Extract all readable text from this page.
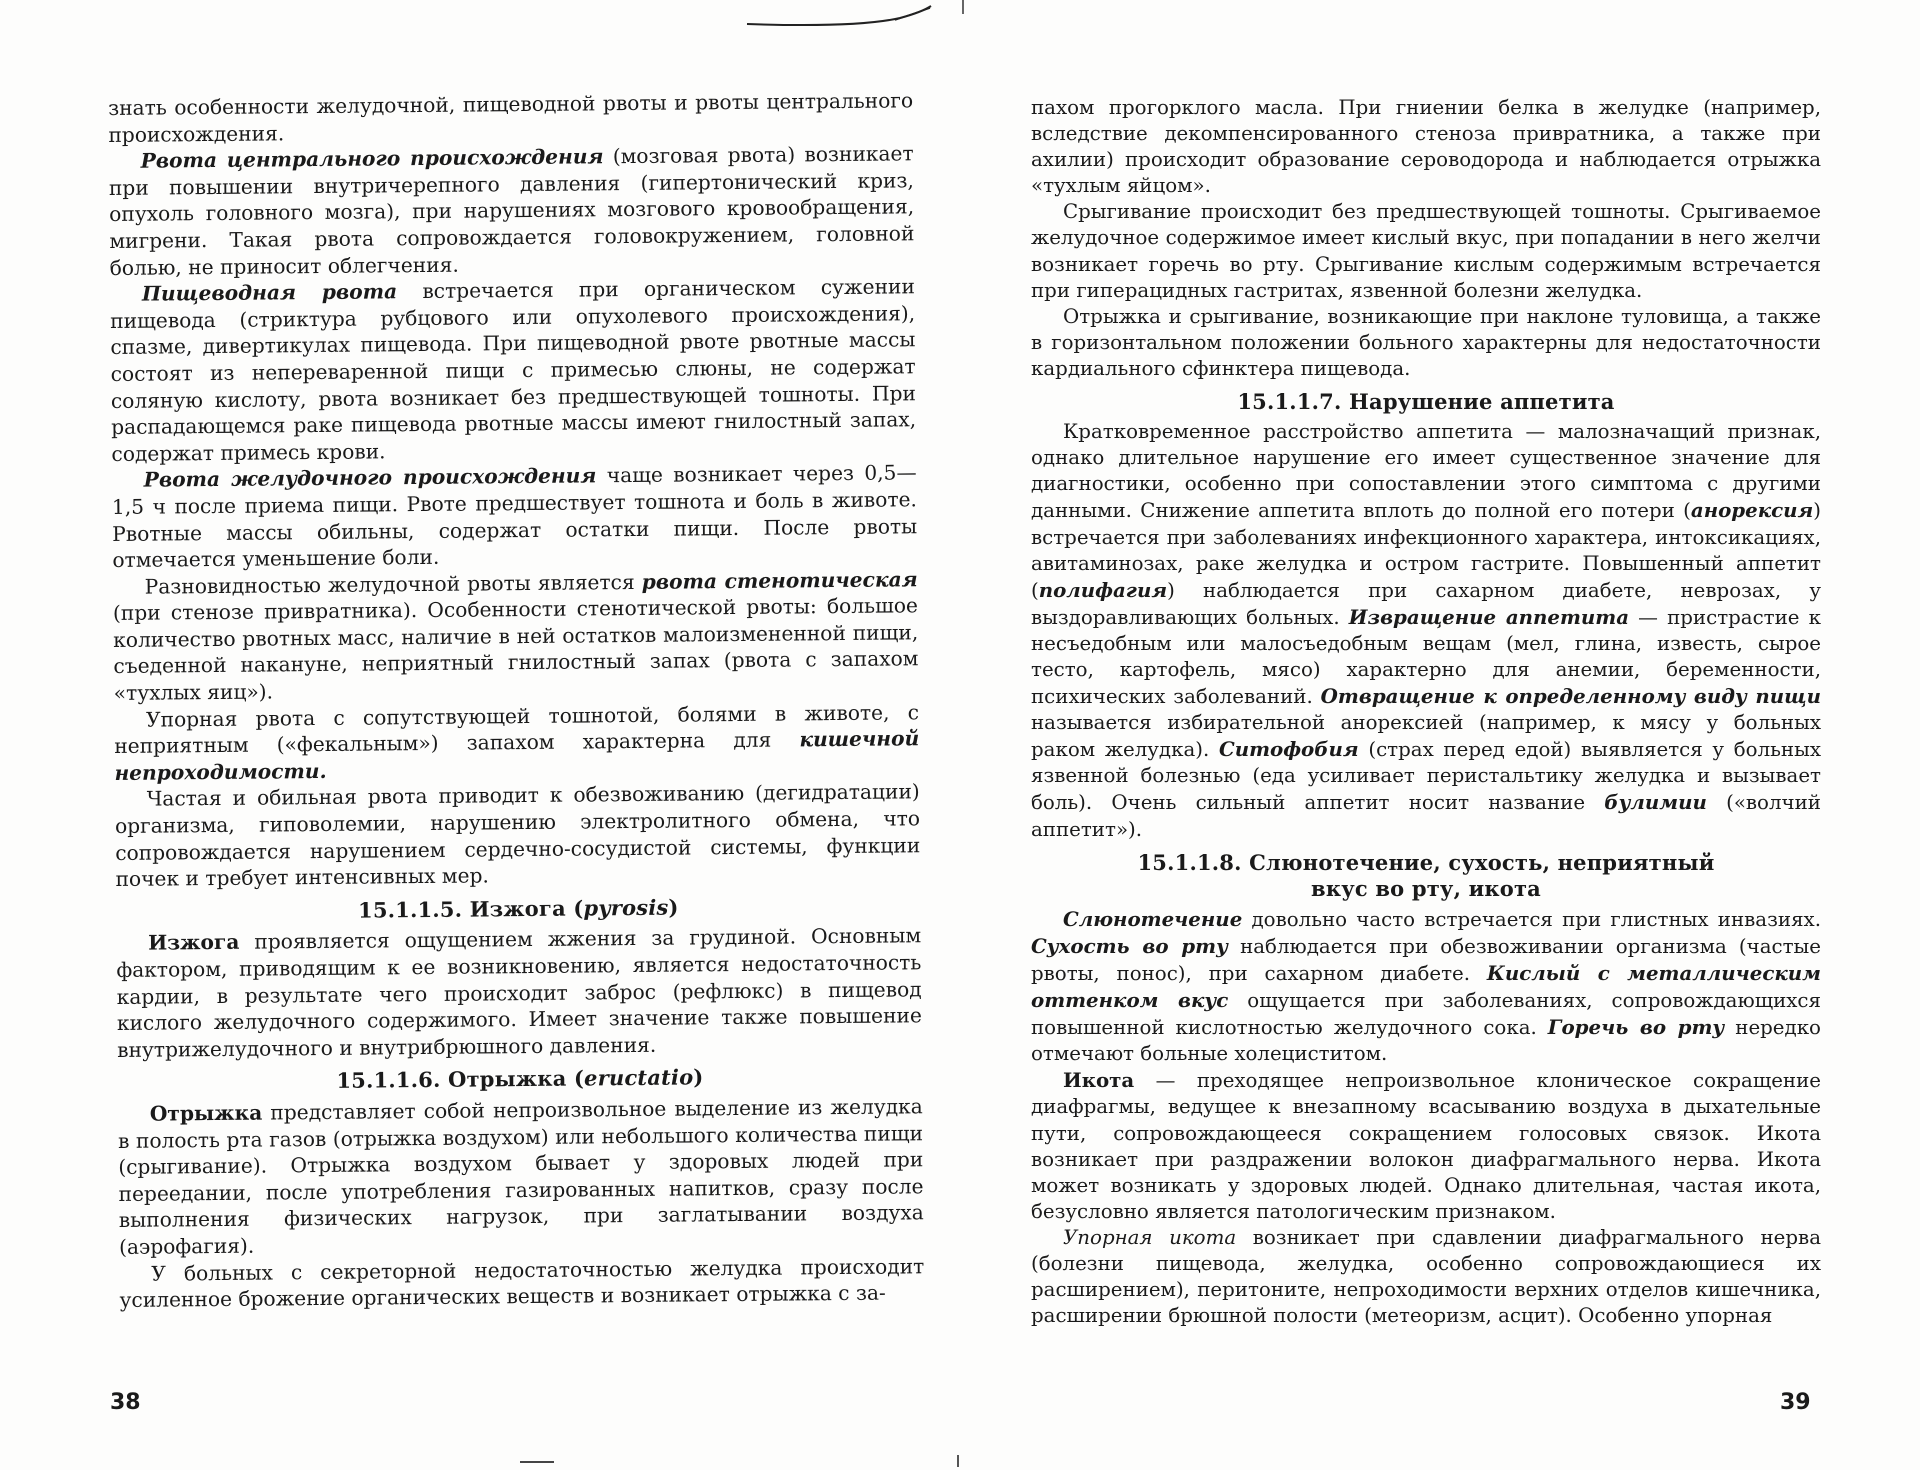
знать особенности желудочной, пищеводной рвоты и рвоты центрального происхождения.

Рвота центрального происхождения (мозговая рвота) возникает при повышении внутричерепного давления (гипертонический криз, опухоль головного мозга), при нарушениях мозгового кровообращения, мигрени. Такая рвота сопровождается головокружением, головной болью, не приносит облегчения.

Пищеводная рвота встречается при органическом сужении пищевода (стриктура рубцового или опухолевого происхождения), спазме, дивертикулах пищевода. При пищеводной рвоте рвотные массы состоят из непереваренной пищи с примесью слюны, не содержат соляную кислоту, рвота возникает без предшествующей тошноты. При распадающемся раке пищевода рвотные массы имеют гнилостный запах, содержат примесь крови.

Рвота желудочного происхождения чаще возникает через 0,5—1,5 ч после приема пищи. Рвоте предшествует тошнота и боль в животе. Рвотные массы обильны, содержат остатки пищи. После рвоты отмечается уменьшение боли.

Разновидностью желудочной рвоты является рвота стенотическая (при стенозе привратника). Особенности стенотической рвоты: большое количество рвотных масс, наличие в ней остатков малоизмененной пищи, съеденной накануне, неприятный гнилостный запах (рвота с запахом «тухлых яиц»).

Упорная рвота с сопутствующей тошнотой, болями в животе, с неприятным («фекальным») запахом характерна для кишечной непроходимости.

Частая и обильная рвота приводит к обезвоживанию (дегидратации) организма, гиповолемии, нарушению электролитного обмена, что сопровождается нарушением сердечно-сосудистой системы, функции почек и требует интенсивных мер.

15.1.1.5. Изжога (pyrosis)

Изжога проявляется ощущением жжения за грудиной. Основным фактором, приводящим к ее возникновению, является недостаточность кардии, в результате чего происходит заброс (рефлюкс) в пищевод кислого желудочного содержимого. Имеет значение также повышение внутрижелудочного и внутрибрюшного давления.

15.1.1.6. Отрыжка (eructatio)

Отрыжка представляет собой непроизвольное выделение из желудка в полость рта газов (отрыжка воздухом) или небольшого количества пищи (срыгивание). Отрыжка воздухом бывает у здоровых людей при переедании, после употребления газированных напитков, сразу после выполнения физических нагрузок, при заглатывании воздуха (аэрофагия).

У больных с секреторной недостаточностью желудка происходит усиленное брожение органических веществ и возникает отрыжка с за-

38

пахом прогорклого масла. При гниении белка в желудке (например, вследствие декомпенсированного стеноза привратника, а также при ахилии) происходит образование сероводорода и наблюдается отрыжка «тухлым яйцом».

Срыгивание происходит без предшествующей тошноты. Срыгиваемое желудочное содержимое имеет кислый вкус, при попадании в него желчи возникает горечь во рту. Срыгивание кислым содержимым встречается при гиперацидных гастритах, язвенной болезни желудка.

Отрыжка и срыгивание, возникающие при наклоне туловища, а также в горизонтальном положении больного характерны для недостаточности кардиального сфинктера пищевода.

15.1.1.7. Нарушение аппетита

Кратковременное расстройство аппетита — малозначащий признак, однако длительное нарушение его имеет существенное значение для диагностики, особенно при сопоставлении этого симптома с другими данными. Снижение аппетита вплоть до полной его потери (анорексия) встречается при заболеваниях инфекционного характера, интоксикациях, авитаминозах, раке желудка и остром гастрите. Повышенный аппетит (полифагия) наблюдается при сахарном диабете, неврозах, у выздоравливающих больных. Извращение аппетита — пристрастие к несъедобным или малосъедобным вещам (мел, глина, известь, сырое тесто, картофель, мясо) характерно для анемии, беременности, психических заболеваний. Отвращение к определенному виду пищи называется избирательной анорексией (например, к мясу у больных раком желудка). Ситофобия (страх перед едой) выявляется у больных язвенной болезнью (еда усиливает перистальтику желудка и вызывает боль). Очень сильный аппетит носит название булимии («волчий аппетит»).

15.1.1.8. Слюнотечение, сухость, неприятный
вкус во рту, икота

Слюнотечение довольно часто встречается при глистных инвазиях. Сухость во рту наблюдается при обезвоживании организма (частые рвоты, понос), при сахарном диабете. Кислый с металлическим оттенком вкус ощущается при заболеваниях, сопровождающихся повышенной кислотностью желудочного сока. Горечь во рту нередко отмечают больные холециститом.

Икота — преходящее непроизвольное клоническое сокращение диафрагмы, ведущее к внезапному всасыванию воздуха в дыхательные пути, сопровождающееся сокращением голосовых связок. Икота возникает при раздражении волокон диафрагмального нерва. Икота может возникать у здоровых людей. Однако длительная, частая икота, безусловно является патологическим признаком.

Упорная икота возникает при сдавлении диафрагмального нерва (болезни пищевода, желудка, особенно сопровождающиеся их расширением), перитоните, непроходимости верхних отделов кишечника, расширении брюшной полости (метеоризм, асцит). Особенно упорная

39
